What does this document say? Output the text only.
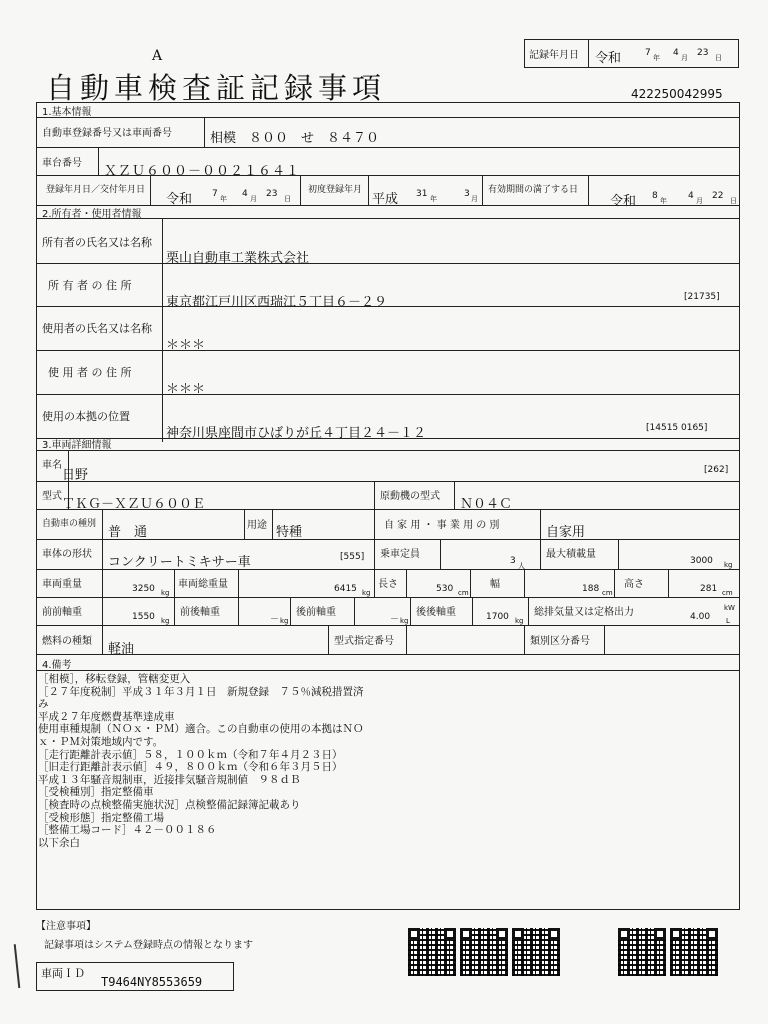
A
自動車検査証記録事項
記録年月日 令和	7 年 4 月 23 日
422250042995
1.基本情報
自動車登録番号又は車両番号	相模　８００　せ　８４７０
車台番号
ＸＺＵ６００－００２１６４１
登録年月日／交付年月日
令和 7 年 4 月 23 日
初度登録年月
平成 31 年	3 月
有効期間の満了する日
令和 8 年 4 月 22 日
2.所有者・使用者情報
所有者の氏名又は名称
栗山自動車工業株式会社
所 有 者 の 住 所
東京都江戸川区西瑞江５丁目６－２９	[21735]
使用者の氏名又は名称
＊＊＊
使 用 者 の 住 所
＊＊＊
使用の本拠の位置
神奈川県座間市ひばりが丘４丁目２４－１２	[14515 0165]
3.車両詳細情報
車名
日野	[262]
型式
ＴＫＧ－ＸＺＵ６００Ｅ
原動機の型式
Ｎ０４Ｃ
自動車の種別
普　通	用途 特種	自 家 用 ・ 事 業 用 の 別	自家用
車体の形状
コンクリートミキサー車	[555] 乗車定員
3 人
最大積載量
3000 kg
車両重量	3250 kg
車両総重量	6415 kg
長さ	530 cm
幅	188 cm
高さ	281 cm
前前軸重	1550 kg
前後軸重
－ kg
後前軸重
－ kg
後後軸重	1700 kg
総排気量又は定格出力	4.00
kW
L
燃料の種類
軽油
型式指定番号	類別区分番号
4.備考
［相模］，移転登録，管轄変更入
［２７年度税制］平成３１年３月１日　新規登録　７５％減税措置済
み
平成２７年度燃費基準達成車
使用車種規制（ＮＯｘ・ＰＭ）適合。この自動車の使用の本拠はＮＯ
ｘ・ＰＭ対策地域内です。
［走行距離計表示値］５８，１００ｋｍ（令和７年４月２３日）
［旧走行距離計表示値］４９，８００ｋｍ（令和６年３月５日）
平成１３年騒音規制車，近接排気騒音規制値　９８ｄＢ
［受検種別］指定整備車
［検査時の点検整備実施状況］点検整備記録簿記載あり
［受検形態］指定整備工場
［整備工場コード］４２－００１８６
以下余白
【注意事項】
記録事項はシステム登録時点の情報となります
車両ＩＤ
T9464NY8553659
